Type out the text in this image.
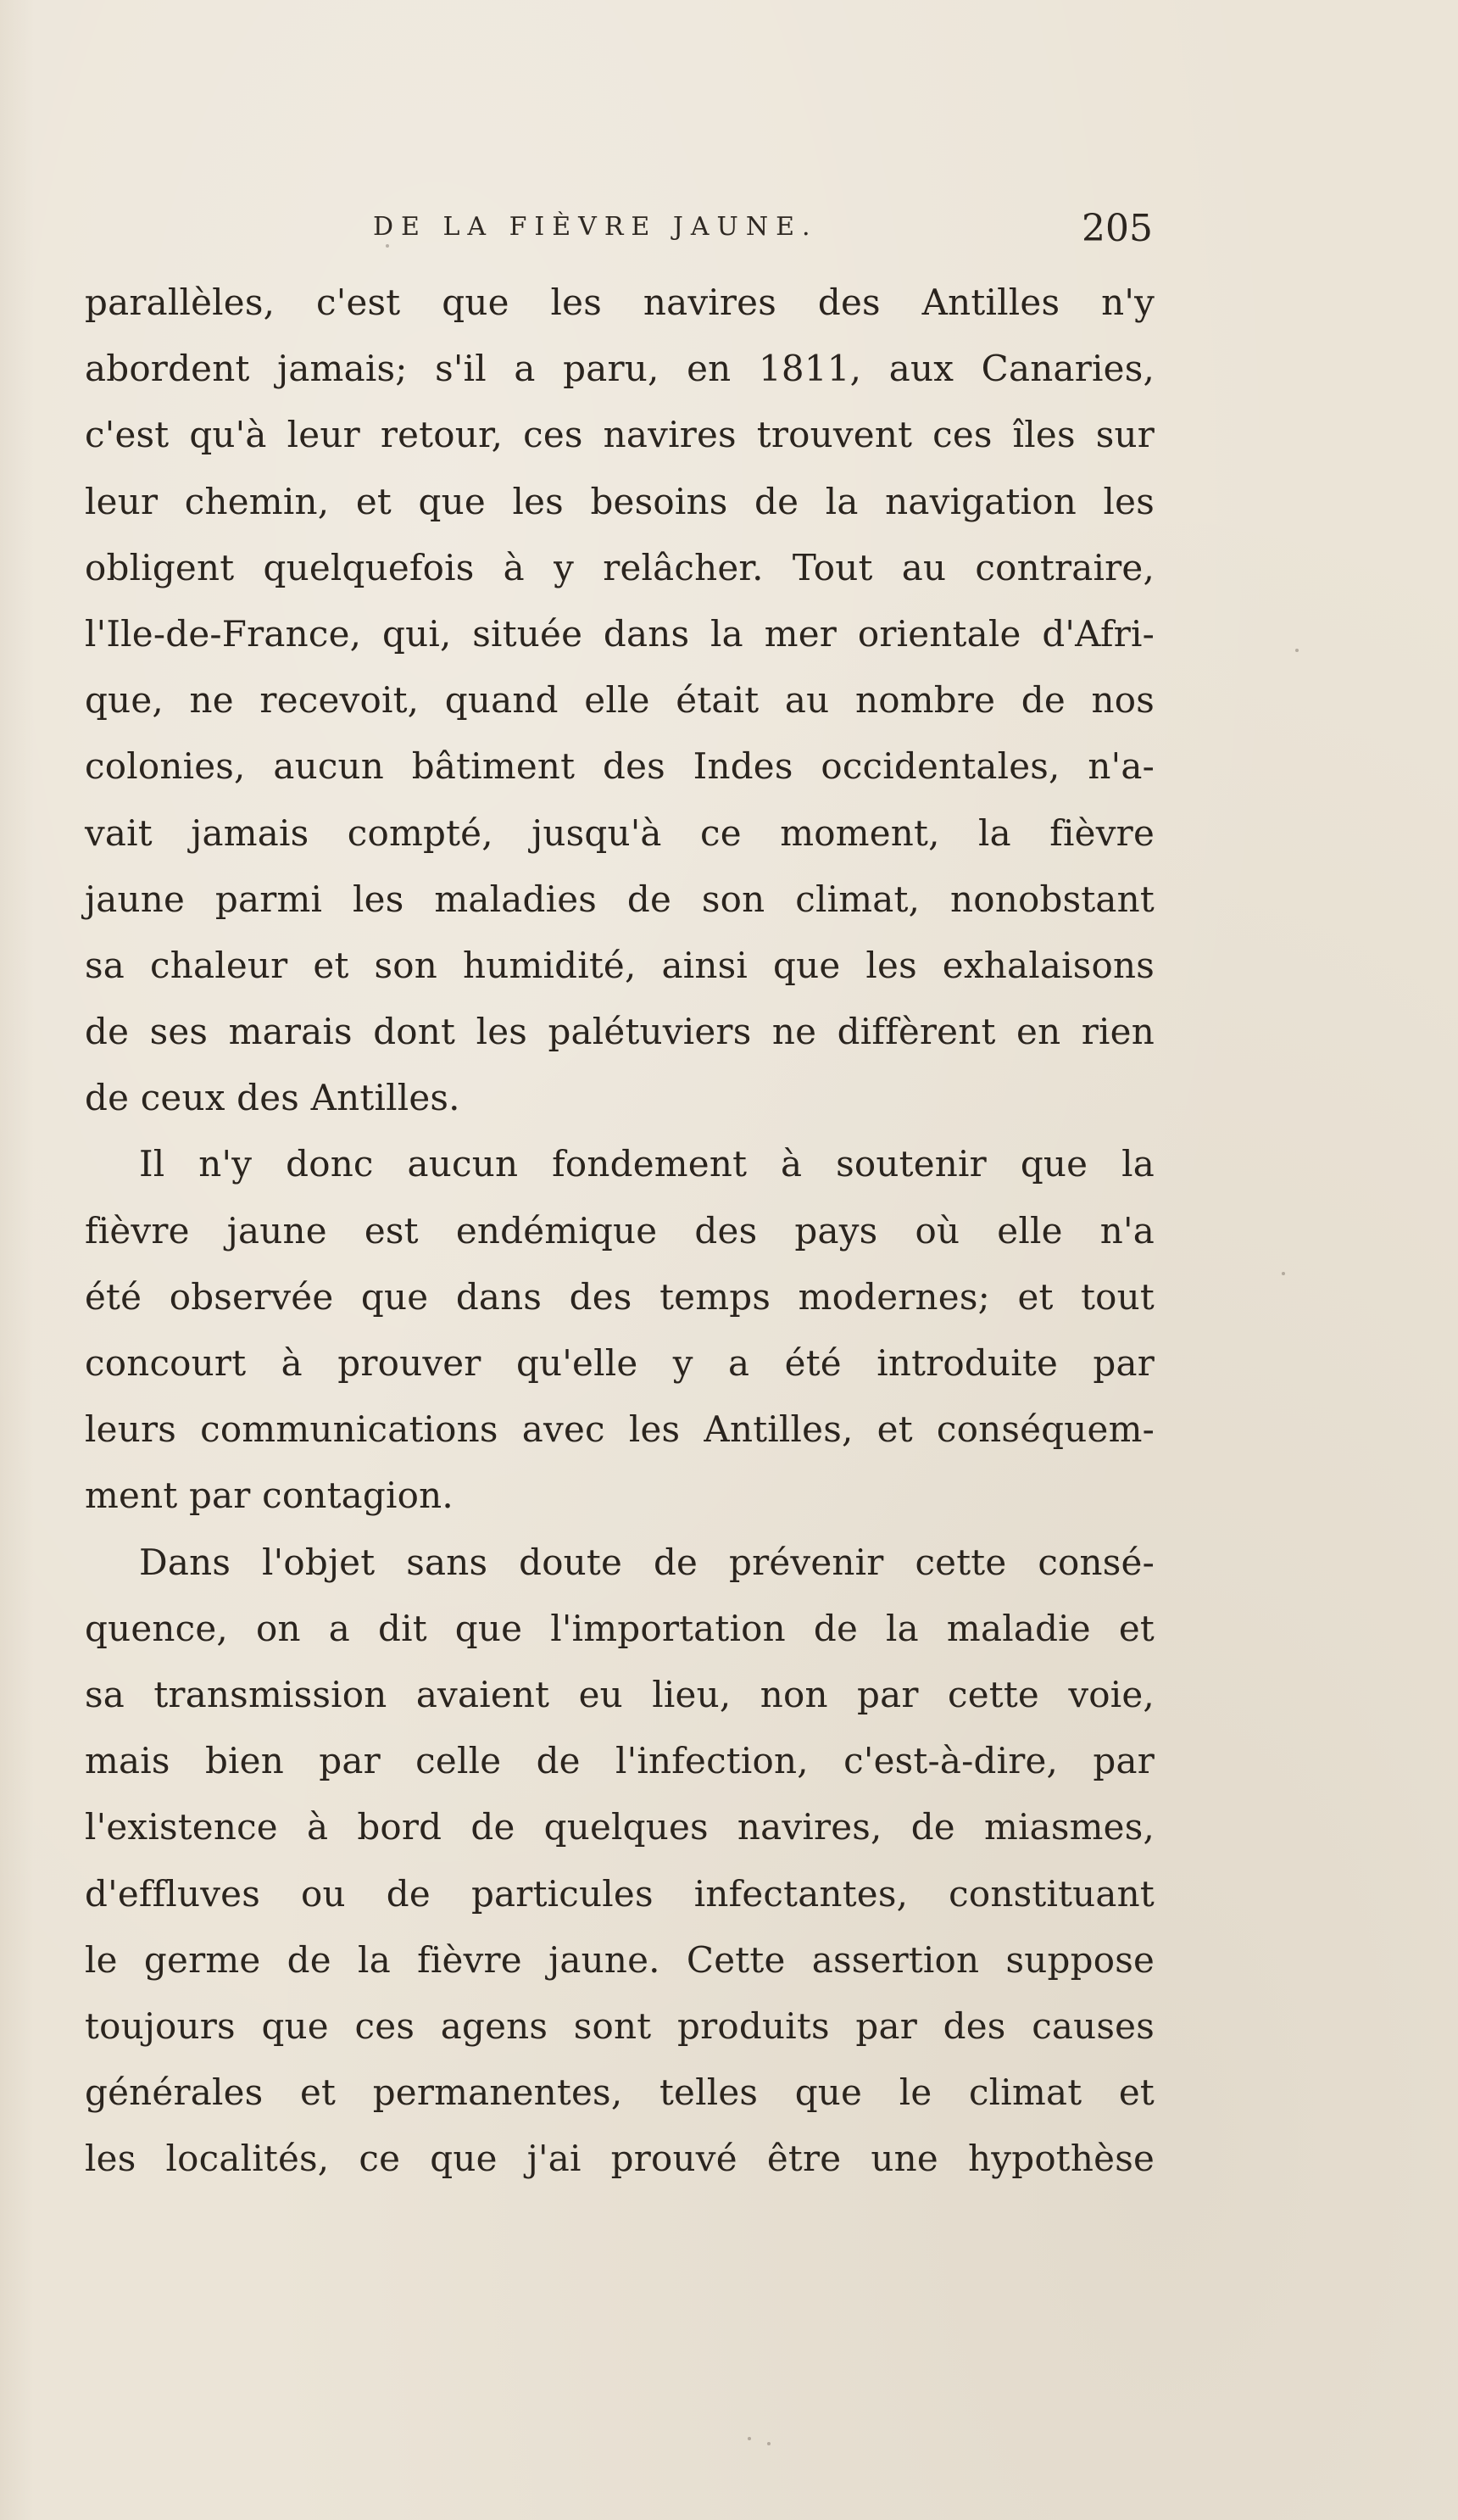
DE LA FIÈVRE JAUNE.	205
parallèles, c'est que les navires des Antilles n'y
abordent jamais; s'il a paru, en 1811, aux Canaries,
c'est qu'à leur retour, ces navires trouvent ces îles sur
leur chemin, et que les besoins de la navigation les
obligent quelquefois à y relâcher. Tout au contraire,
l'Ile-de-France, qui, située dans la mer orientale d'Afri-
que, ne recevoit, quand elle était au nombre de nos
colonies, aucun bâtiment des Indes occidentales, n'a-
vait jamais compté, jusqu'à ce moment, la fièvre
jaune parmi les maladies de son climat, nonobstant
sa chaleur et son humidité, ainsi que les exhalaisons
de ses marais dont les palétuviers ne diffèrent en rien
de ceux des Antilles.
Il n'y donc aucun fondement à soutenir que la
fièvre jaune est endémique des pays où elle n'a
été observée que dans des temps modernes; et tout
concourt à prouver qu'elle y a été introduite par
leurs communications avec les Antilles, et conséquem-
ment par contagion.
Dans l'objet sans doute de prévenir cette consé-
quence, on a dit que l'importation de la maladie et
sa transmission avaient eu lieu, non par cette voie,
mais bien par celle de l'infection, c'est-à-dire, par
l'existence à bord de quelques navires, de miasmes,
d'effluves ou de particules infectantes, constituant
le germe de la fièvre jaune. Cette assertion suppose
toujours que ces agens sont produits par des causes
générales et permanentes, telles que le climat et
les localités, ce que j'ai prouvé être une hypothèse
